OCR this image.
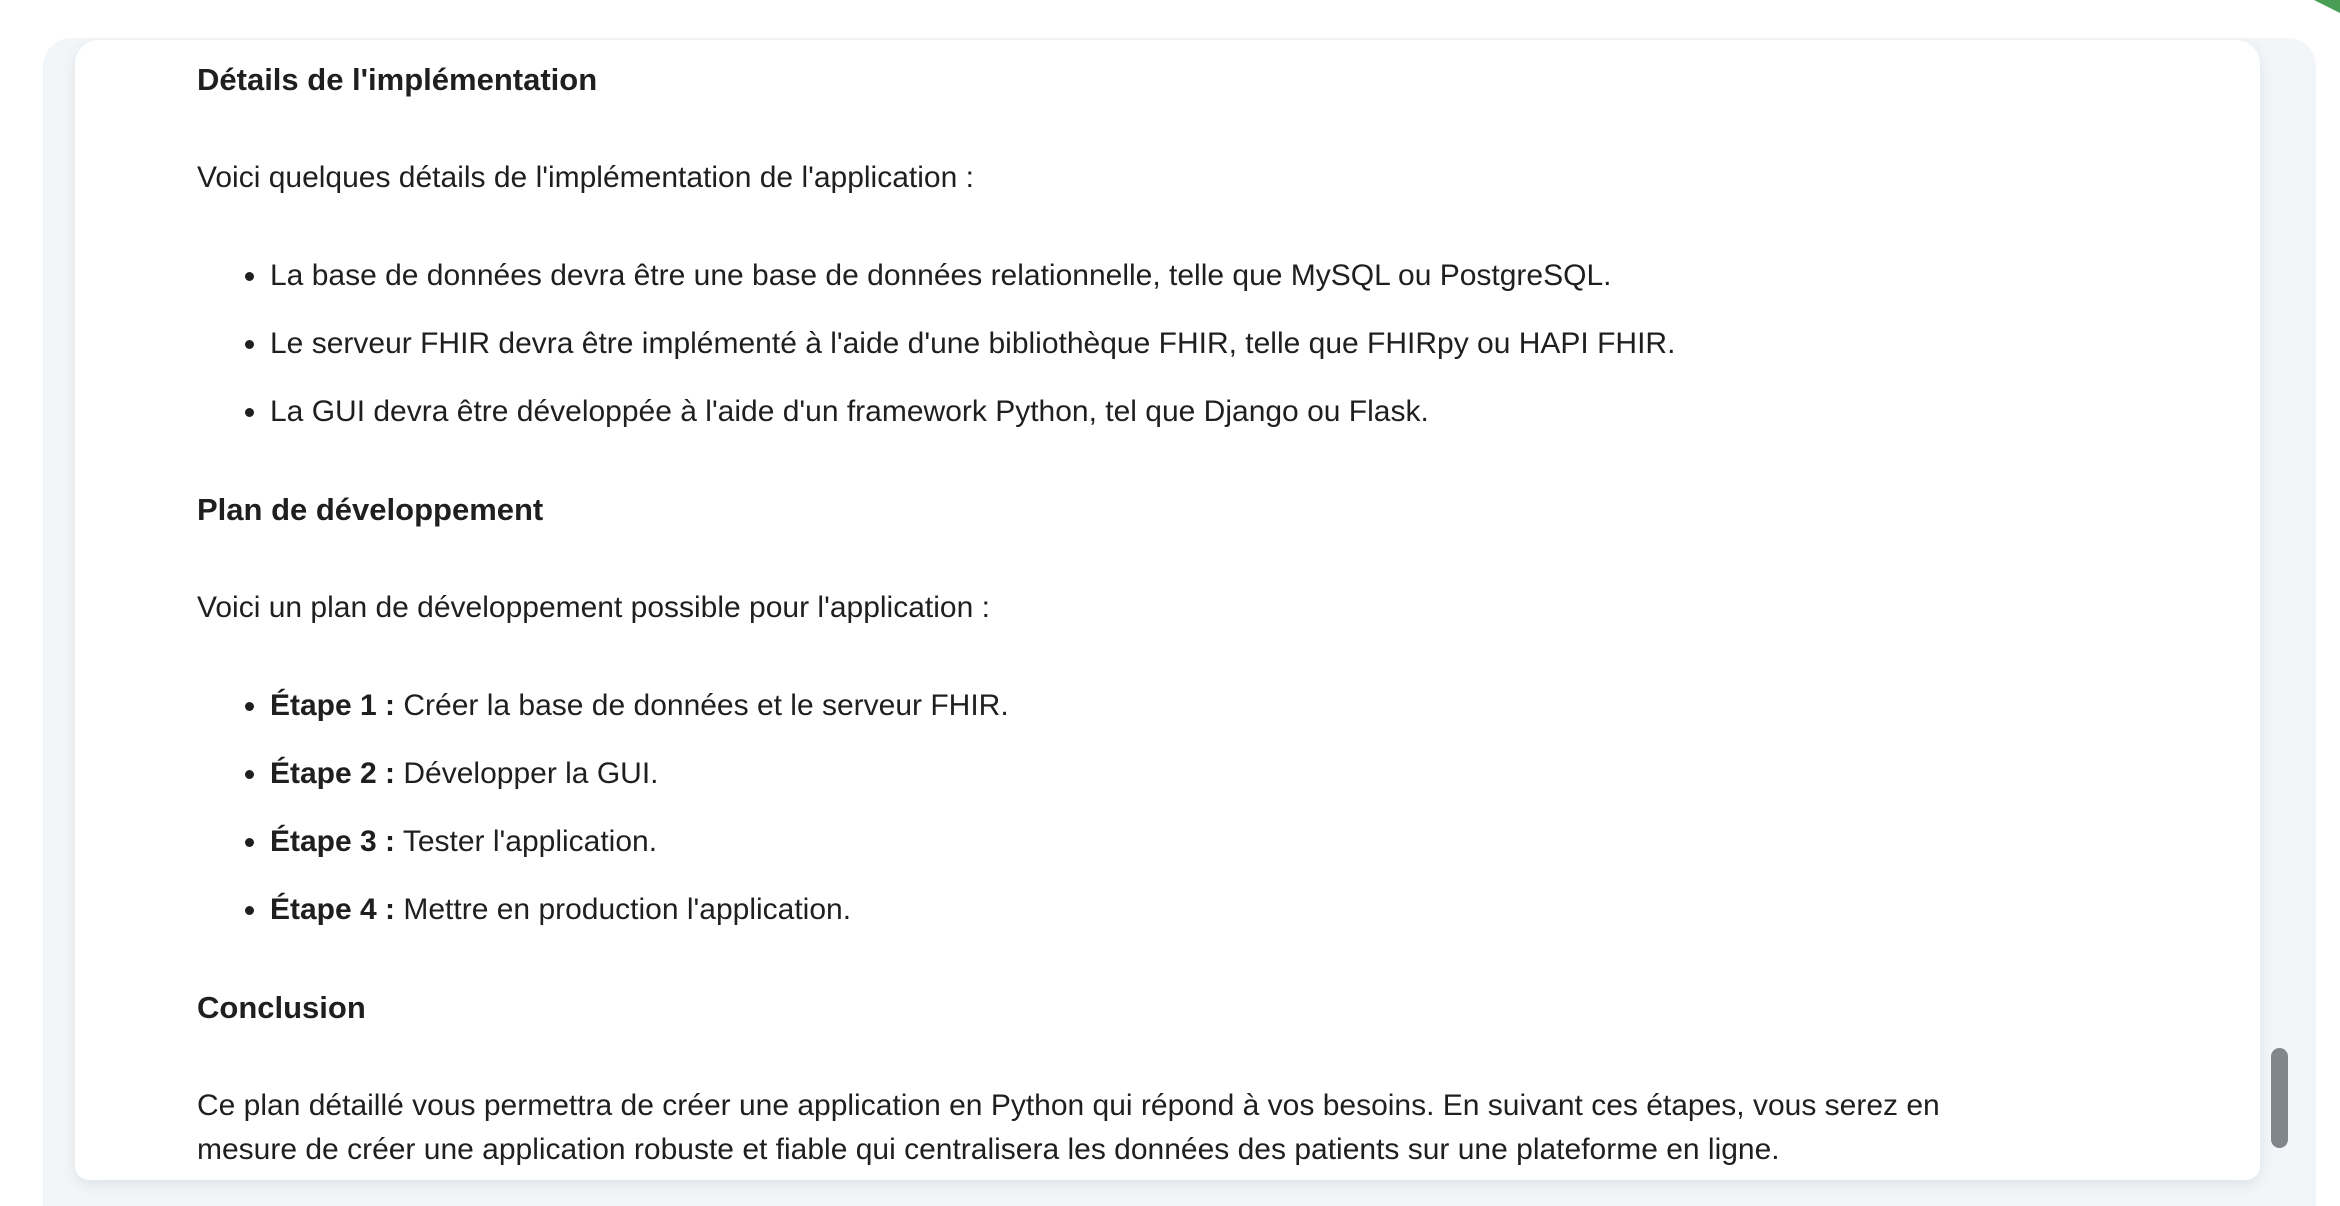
Détails de l'implémentation

Voici quelques détails de l'implémentation de l'application :

La base de données devra être une base de données relationnelle, telle que MySQL ou PostgreSQL.
Le serveur FHIR devra être implémenté à l'aide d'une bibliothèque FHIR, telle que FHIRpy ou HAPI FHIR.
La GUI devra être développée à l'aide d'un framework Python, tel que Django ou Flask.
Plan de développement

Voici un plan de développement possible pour l'application :

Étape 1 : Créer la base de données et le serveur FHIR.
Étape 2 : Développer la GUI.
Étape 3 : Tester l'application.
Étape 4 : Mettre en production l'application.
Conclusion

Ce plan détaillé vous permettra de créer une application en Python qui répond à vos besoins. En suivant ces étapes, vous serez en mesure de créer une application robuste et fiable qui centralisera les données des patients sur une plateforme en ligne.
